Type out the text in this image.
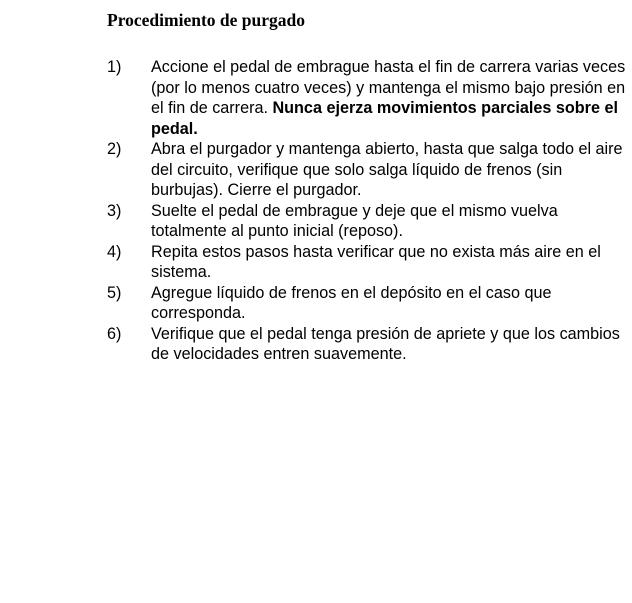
Procedimiento de purgado
1) Accione el pedal de embrague hasta el fin de carrera varias veces (por lo menos cuatro veces) y mantenga el mismo bajo presión en el fin de carrera. Nunca ejerza movimientos parciales sobre el pedal.
2) Abra el purgador y mantenga abierto, hasta que salga todo el aire del circuito, verifique que solo salga líquido de frenos (sin burbujas). Cierre el purgador.
3) Suelte el pedal de embrague y deje que el mismo vuelva totalmente al punto inicial (reposo).
4) Repita estos pasos hasta verificar que no exista más aire en el sistema.
5) Agregue líquido de frenos en el depósito en el caso que corresponda.
6) Verifique que el pedal tenga presión de apriete y que los cambios de velocidades entren suavemente.
